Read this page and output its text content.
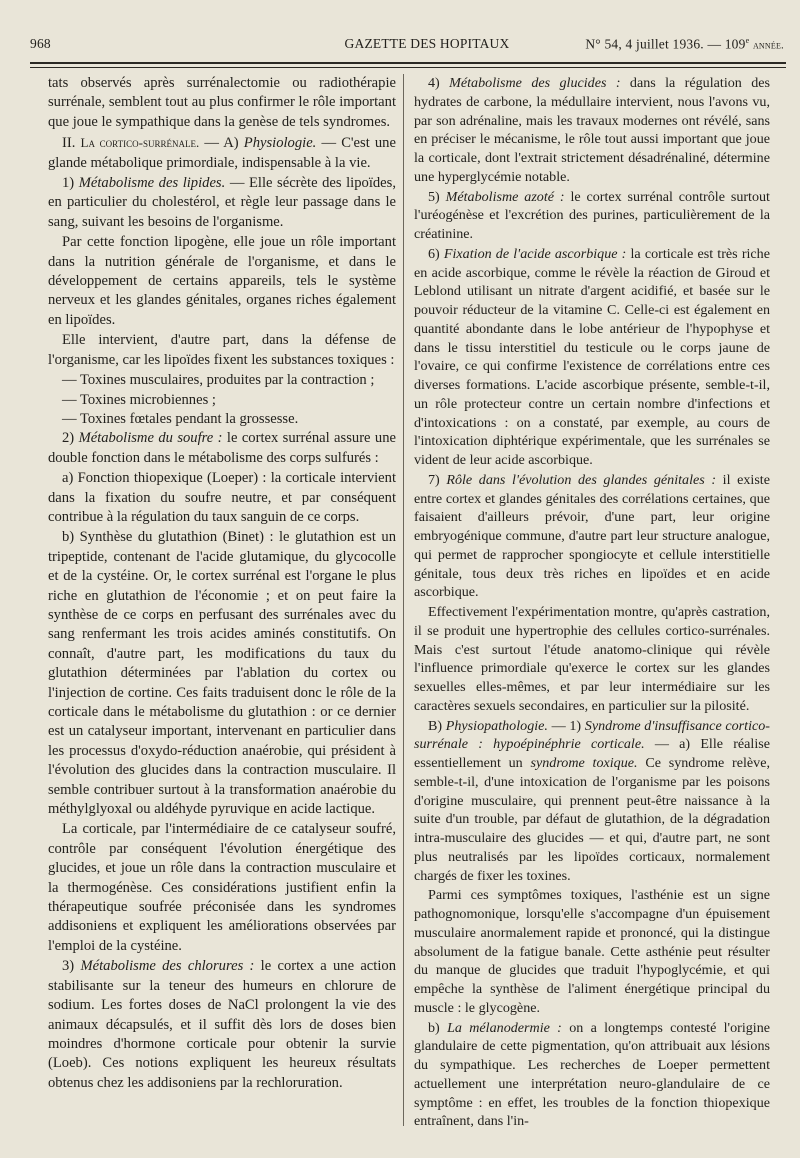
968	GAZETTE DES HOPITAUX	N° 54, 4 juillet 1936. — 109e année.

tats observés après surrénalectomie ou radiothérapie surrénale, semblent tout au plus confirmer le rôle important que joue le sympathique dans la genèse de tels syndromes.

II. La cortico-surrénale. — A) Physiologie. — C'est une glande métabolique primordiale, indispensable à la vie.

1) Métabolisme des lipides. — Elle sécrète des lipoïdes, en particulier du cholestérol, et règle leur passage dans le sang, suivant les besoins de l'organisme.

Par cette fonction lipogène, elle joue un rôle important dans la nutrition générale de l'organisme, et dans le développement de certains appareils, tels le système nerveux et les glandes génitales, organes riches également en lipoïdes.

Elle intervient, d'autre part, dans la défense de l'organisme, car les lipoïdes fixent les substances toxiques :

— Toxines musculaires, produites par la contraction ;

— Toxines microbiennes ;

— Toxines fœtales pendant la grossesse.

2) Métabolisme du soufre : le cortex surrénal assure une double fonction dans le métabolisme des corps sulfurés :

a) Fonction thiopexique (Loeper) : la corticale intervient dans la fixation du soufre neutre, et par conséquent contribue à la régulation du taux sanguin de ce corps.

b) Synthèse du glutathion (Binet) : le glutathion est un tripeptide, contenant de l'acide glutamique, du glycocolle et de la cystéine. Or, le cortex surrénal est l'organe le plus riche en glutathion de l'économie ; et on peut faire la synthèse de ce corps en perfusant des surrénales avec du sang renfermant les trois acides aminés constitutifs. On connaît, d'autre part, les modifications du taux du glutathion déterminées par l'ablation du cortex ou l'injection de cortine. Ces faits traduisent donc le rôle de la corticale dans le métabolisme du glutathion : or ce dernier est un catalyseur important, intervenant en particulier dans les processus d'oxydo-réduction anaérobie, qui président à l'évolution des glucides dans la contraction musculaire. Il semble contribuer surtout à la transformation anaérobie du méthylglyoxal ou aldéhyde pyruvique en acide lactique.

La corticale, par l'intermédiaire de ce catalyseur soufré, contrôle par conséquent l'évolution énergétique des glucides, et joue un rôle dans la contraction musculaire et la thermogénèse. Ces considérations justifient enfin la thérapeutique soufrée préconisée dans les syndromes addisoniens et expliquent les améliorations observées par l'emploi de la cystéine.

3) Métabolisme des chlorures : le cortex a une action stabilisante sur la teneur des humeurs en chlorure de sodium. Les fortes doses de NaCl prolongent la vie des animaux décapsulés, et il suffit dès lors de doses bien moindres d'hormone corticale pour obtenir la survie (Loeb). Ces notions expliquent les heureux résultats obtenus chez les addisoniens par la rechloruration.

4) Métabolisme des glucides : dans la régulation des hydrates de carbone, la médullaire intervient, nous l'avons vu, par son adrénaline, mais les travaux modernes ont révélé, sans en préciser le mécanisme, le rôle tout aussi important que joue la corticale, dont l'extrait strictement désadrénaliné, détermine une hyperglycémie notable.

5) Métabolisme azoté : le cortex surrénal contrôle surtout l'uréogénèse et l'excrétion des purines, particulièrement de la créatinine.

6) Fixation de l'acide ascorbique : la corticale est très riche en acide ascorbique, comme le révèle la réaction de Giroud et Leblond utilisant un nitrate d'argent acidifié, et basée sur le pouvoir réducteur de la vitamine C. Celle-ci est également en quantité abondante dans le lobe antérieur de l'hypophyse et dans le tissu interstitiel du testicule ou le corps jaune de l'ovaire, ce qui confirme l'existence de corrélations entre ces diverses formations. L'acide ascorbique présente, semble-t-il, un rôle protecteur contre un certain nombre d'infections et d'intoxications : on a constaté, par exemple, au cours de l'intoxication diphtérique expérimentale, que les surrénales se vident de leur acide ascorbique.

7) Rôle dans l'évolution des glandes génitales : il existe entre cortex et glandes génitales des corrélations certaines, que faisaient d'ailleurs prévoir, d'une part, leur origine embryogénique commune, d'autre part leur structure analogue, qui permet de rapprocher spongiocyte et cellule interstitielle génitale, tous deux très riches en lipoïdes et en acide ascorbique.

Effectivement l'expérimentation montre, qu'après castration, il se produit une hypertrophie des cellules cortico-surrénales. Mais c'est surtout l'étude anatomo-clinique qui révèle l'influence primordiale qu'exerce le cortex sur les glandes sexuelles elles-mêmes, et par leur intermédiaire sur les caractères sexuels secondaires, en particulier sur la pilosité.

B) Physiopathologie. — 1) Syndrome d'insuffisance cortico-surrénale : hypoépinéphrie corticale. — a) Elle réalise essentiellement un syndrome toxique. Ce syndrome relève, semble-t-il, d'une intoxication de l'organisme par les poisons d'origine musculaire, qui prennent peut-être naissance à la suite d'un trouble, par défaut de glutathion, de la dégradation intra-musculaire des glucides — et qui, d'autre part, ne sont plus neutralisés par les lipoïdes corticaux, normalement chargés de fixer les toxines.

Parmi ces symptômes toxiques, l'asthénie est un signe pathognomonique, lorsqu'elle s'accompagne d'un épuisement musculaire anormalement rapide et prononcé, qui la distingue absolument de la fatigue banale. Cette asthénie peut résulter du manque de glucides que traduit l'hypoglycémie, et qui empêche la synthèse de l'aliment énergétique principal du muscle : le glycogène.

b) La mélanodermie : on a longtemps contesté l'origine glandulaire de cette pigmentation, qu'on attribuait aux lésions du sympathique. Les recherches de Loeper permettent actuellement une interprétation neuro-glandulaire de ce symptôme : en effet, les troubles de la fonction thiopexique entraînent, dans l'in-
